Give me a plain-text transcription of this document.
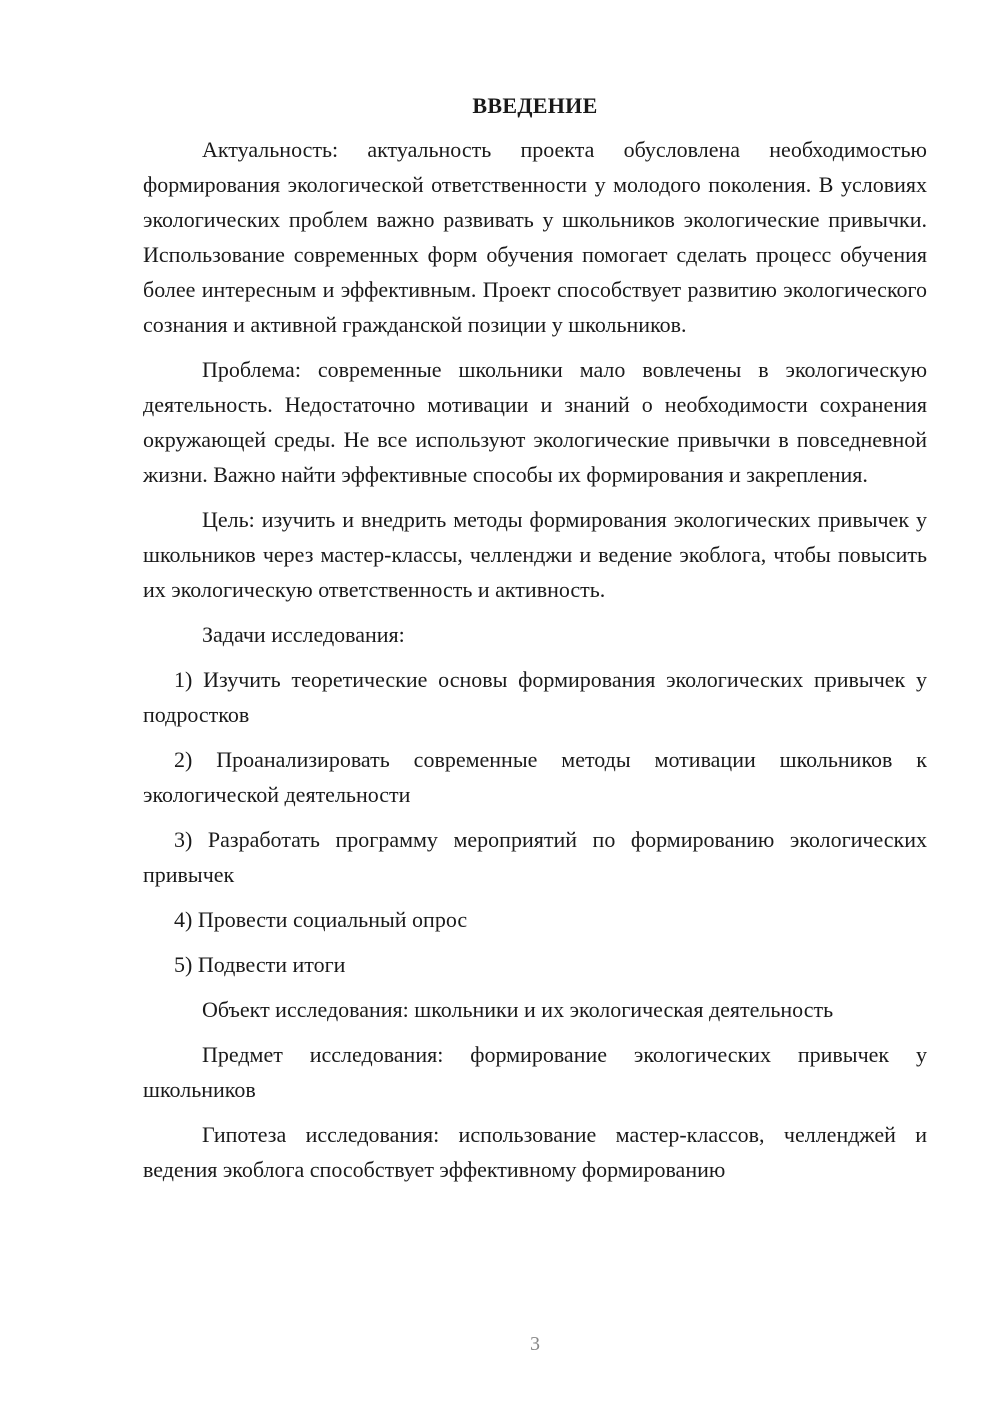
ВВЕДЕНИЕ

Актуальность: актуальность проекта обусловлена необходимостью формирования экологической ответственности у молодого поколения. В условиях экологических проблем важно развивать у школьников экологические привычки. Использование современных форм обучения помогает сделать процесс обучения более интересным и эффективным. Проект способствует развитию экологического сознания и активной гражданской позиции у школьников.

Проблема: современные школьники мало вовлечены в экологическую деятельность. Недостаточно мотивации и знаний о необходимости сохранения окружающей среды. Не все используют экологические привычки в повседневной жизни. Важно найти эффективные способы их формирования и закрепления.

Цель: изучить и внедрить методы формирования экологических привычек у школьников через мастер-классы, челленджи и ведение экоблога, чтобы повысить их экологическую ответственность и активность.

Задачи исследования:

1) Изучить теоретические основы формирования экологических привычек у подростков

2) Проанализировать современные методы мотивации школьников к экологической деятельности

3) Разработать программу мероприятий по формированию экологических привычек

4) Провести социальный опрос

5) Подвести итоги

Объект исследования: школьники и их экологическая деятельность

Предмет исследования: формирование экологических привычек у школьников

Гипотеза исследования: использование мастер-классов, челленджей и ведения экоблога способствует эффективному формированию

3
